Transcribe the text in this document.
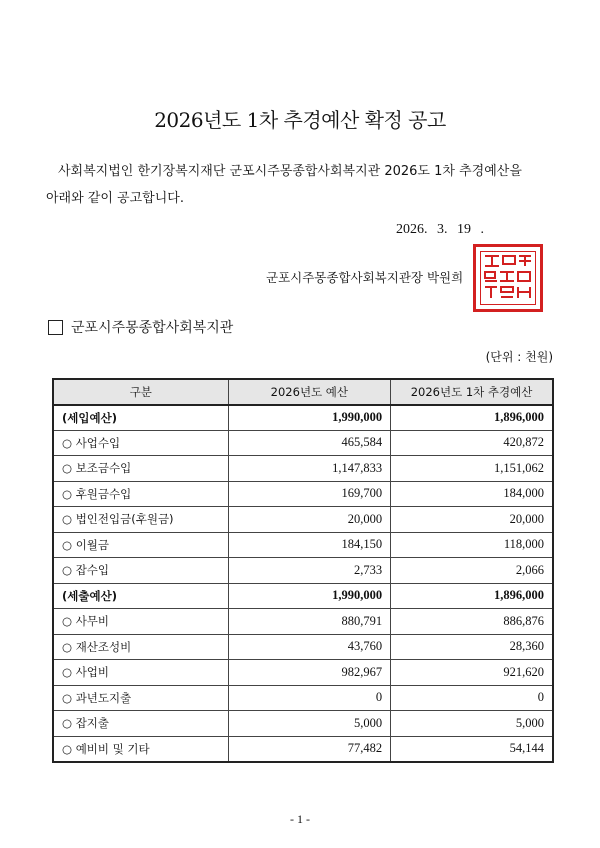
2026년도 1차 추경예산 확정 공고
사회복지법인 한기장복지재단 군포시주몽종합사회복지관 2026도 1차 추경예산을
아래와 같이 공고합니다.
2026. 3. 19 .
군포시주몽종합사회복지관장 박원희
군포시주몽종합사회복지관
(단위 : 천원)
구분	2026년도 예산	2026년도 1차 추경예산
(세입예산)	1,990,000	1,896,000
○ 사업수입	465,584	420,872
○ 보조금수입	1,147,833	1,151,062
○ 후원금수입	169,700	184,000
○ 법인전입금(후원금)	20,000	20,000
○ 이월금	184,150	118,000
○ 잡수입	2,733	2,066
(세출예산)	1,990,000	1,896,000
○ 사무비	880,791	886,876
○ 재산조성비	43,760	28,360
○ 사업비	982,967	921,620
○ 과년도지출	0	0
○ 잡지출	5,000	5,000
○ 예비비 및 기타	77,482	54,144
- 1 -
